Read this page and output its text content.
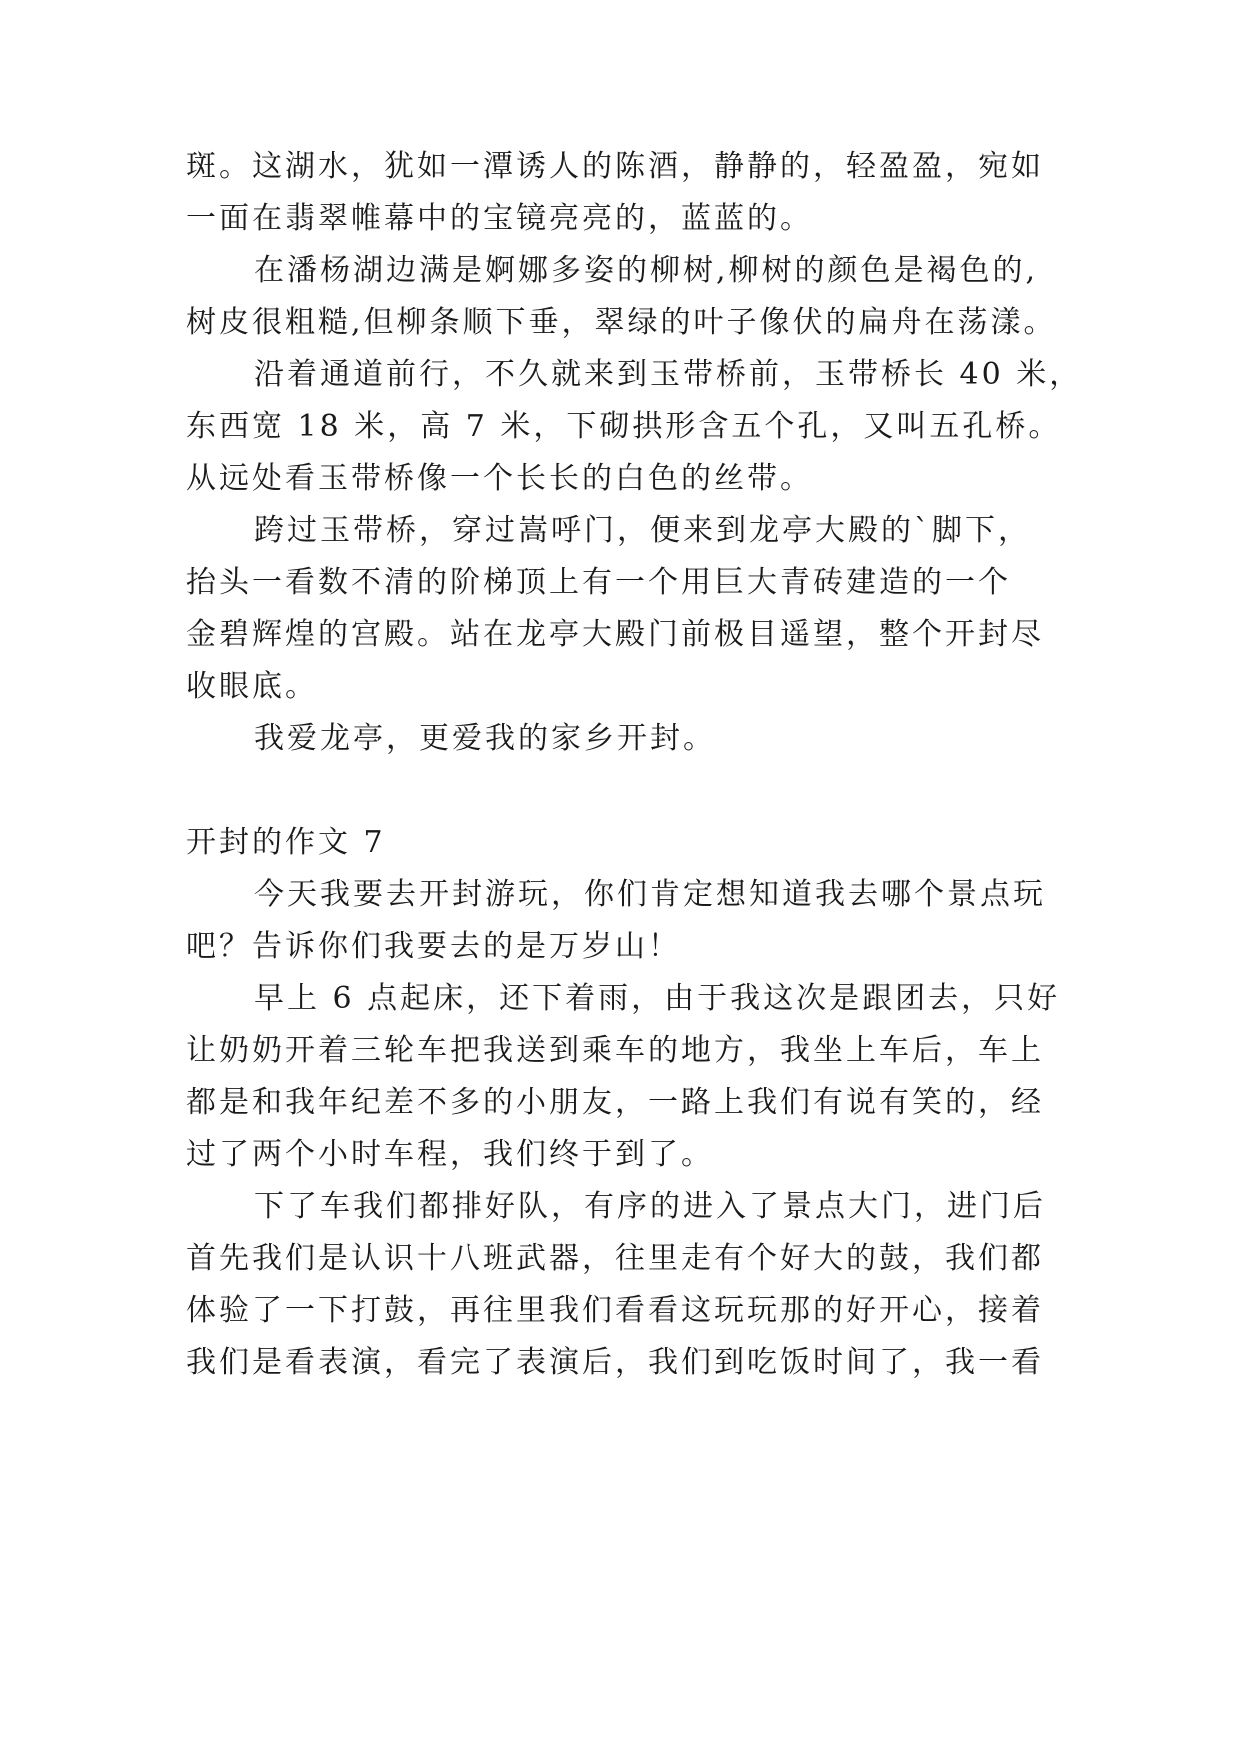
斑。这湖水，犹如一潭诱人的陈酒，静静的，轻盈盈，宛如

一面在翡翠帷幕中的宝镜亮亮的，蓝蓝的。

在潘杨湖边满是婀娜多姿的柳树,柳树的颜色是褐色的,

树皮很粗糙,但柳条顺下垂，翠绿的叶子像伏的扁舟在荡漾。

沿着通道前行，不久就来到玉带桥前，玉带桥长 40 米，

东西宽 18 米，高 7 米，下砌拱形含五个孔，又叫五孔桥。

从远处看玉带桥像一个长长的白色的丝带。

跨过玉带桥，穿过嵩呼门，便来到龙亭大殿的`脚下，

抬头一看数不清的阶梯顶上有一个用巨大青砖建造的一个

金碧辉煌的宫殿。站在龙亭大殿门前极目遥望，整个开封尽

收眼底。

我爱龙亭，更爱我的家乡开封。

开封的作文 7

今天我要去开封游玩，你们肯定想知道我去哪个景点玩

吧？告诉你们我要去的是万岁山！

早上 6 点起床，还下着雨，由于我这次是跟团去，只好

让奶奶开着三轮车把我送到乘车的地方，我坐上车后，车上

都是和我年纪差不多的小朋友，一路上我们有说有笑的，经

过了两个小时车程，我们终于到了。

下了车我们都排好队，有序的进入了景点大门，进门后

首先我们是认识十八班武器，往里走有个好大的鼓，我们都

体验了一下打鼓，再往里我们看看这玩玩那的好开心，接着

我们是看表演，看完了表演后，我们到吃饭时间了，我一看
